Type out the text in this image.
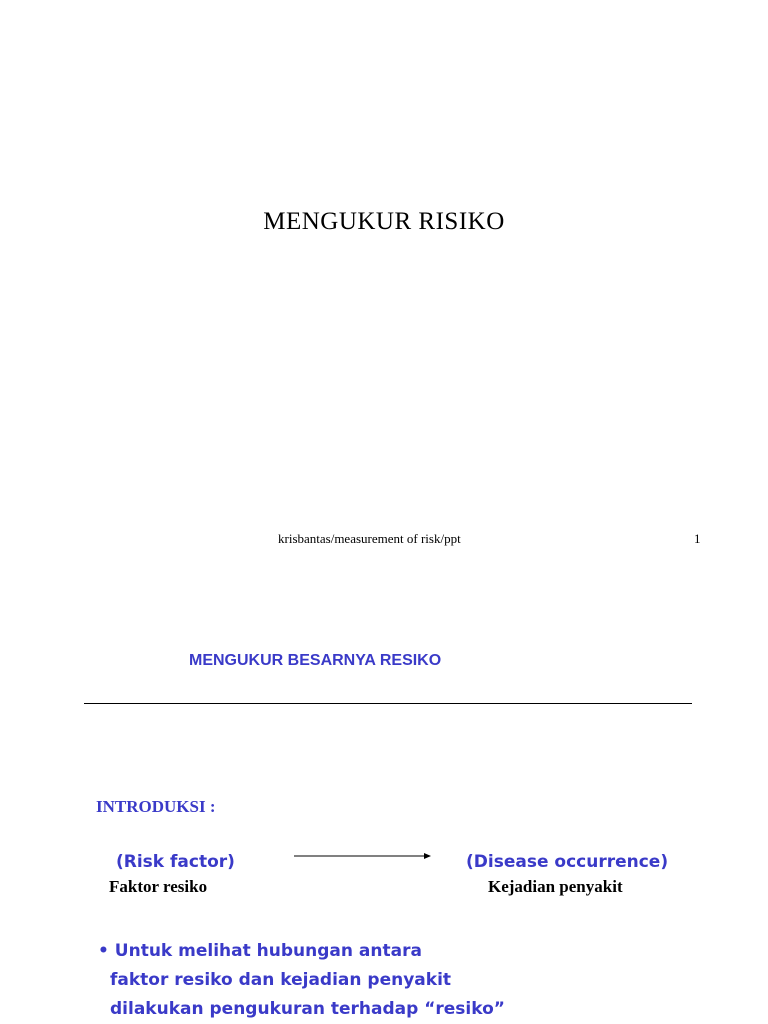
MENGUKUR RISIKO
krisbantas/measurement of risk/ppt	1
MENGUKUR BESARNYA RESIKO
INTRODUKSI :
(Risk factor)	(Disease occurrence)
Faktor resiko	Kejadian penyakit
• Untuk melihat hubungan antara
faktor resiko dan kejadian penyakit
dilakukan pengukuran terhadap “resiko”
